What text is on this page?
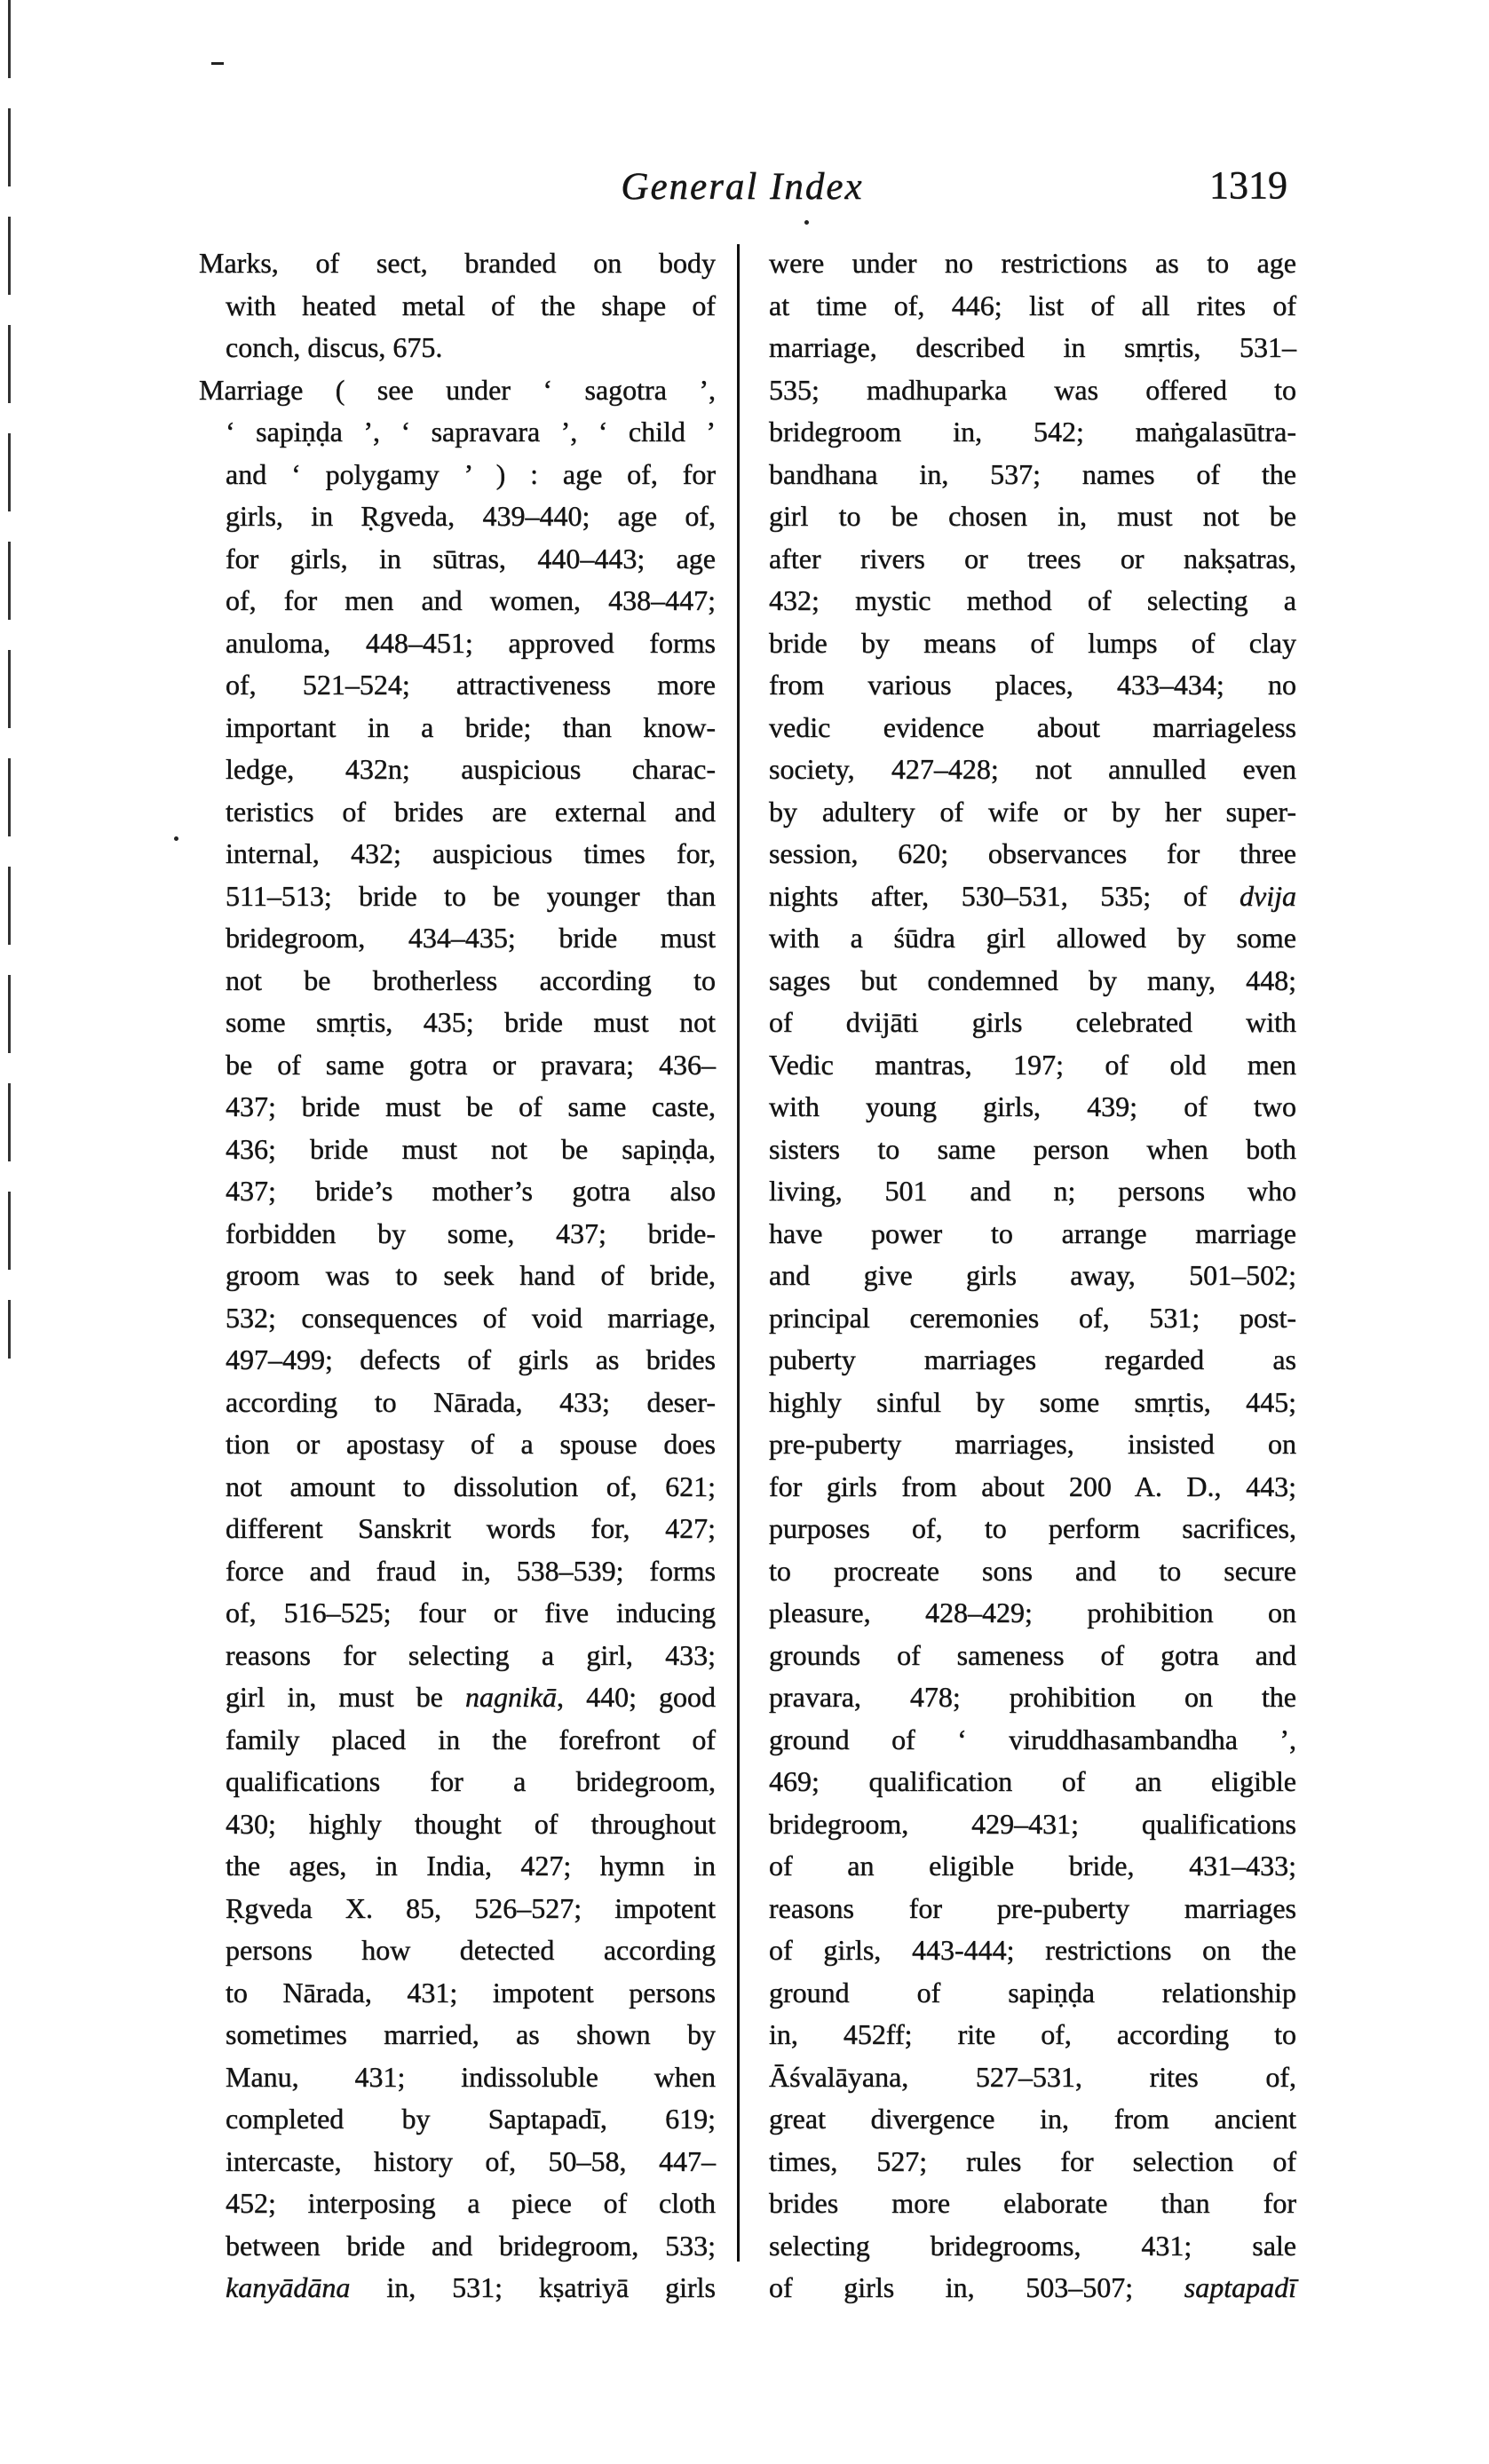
General Index	1319
Marks, of sect, branded on body
with heated metal of the shape of
conch, discus, 675.
Marriage ( see under ‘ sagotra ’,
‘ sapiṇḍa ’, ‘ sapravara ’, ‘ child ’
and ‘ polygamy ’ ) : age of, for
girls, in Ṛgveda, 439–440; age of,
for girls, in sūtras, 440–443; age
of, for men and women, 438–447;
anuloma, 448–451; approved forms
of, 521–524; attractiveness more
important in a bride; than know-
ledge, 432n; auspicious charac-
teristics of brides are external and
internal, 432; auspicious times for,
511–513; bride to be younger than
bridegroom, 434–435; bride must
not be brotherless according to
some smṛtis, 435; bride must not
be of same gotra or pravara; 436–
437; bride must be of same caste,
436; bride must not be sapiṇḍa,
437; bride’s mother’s gotra also
forbidden by some, 437; bride-
groom was to seek hand of bride,
532; consequences of void marriage,
497–499; defects of girls as brides
according to Nārada, 433; deser-
tion or apostasy of a spouse does
not amount to dissolution of, 621;
different Sanskrit words for, 427;
force and fraud in, 538–539; forms
of, 516–525; four or five inducing
reasons for selecting a girl, 433;
girl in, must be nagnikā, 440; good
family placed in the forefront of
qualifications for a bridegroom,
430; highly thought of throughout
the ages, in India, 427; hymn in
Ṛgveda X. 85, 526–527; impotent
persons how detected according
to Nārada, 431; impotent persons
sometimes married, as shown by
Manu, 431; indissoluble when
completed by Saptapadī, 619;
intercaste, history of, 50–58, 447–
452; interposing a piece of cloth
between bride and bridegroom, 533;
kanyādāna in, 531; kṣatriyā girls
were under no restrictions as to age
at time of, 446; list of all rites of
marriage, described in smṛtis, 531–
535; madhuparka was offered to
bridegroom in, 542; maṅgalasūtra-
bandhana in, 537; names of the
girl to be chosen in, must not be
after rivers or trees or nakṣatras,
432; mystic method of selecting a
bride by means of lumps of clay
from various places, 433–434; no
vedic evidence about marriageless
society, 427–428; not annulled even
by adultery of wife or by her super-
session, 620; observances for three
nights after, 530–531, 535; of dvija
with a śūdra girl allowed by some
sages but condemned by many, 448;
of dvijāti girls celebrated with
Vedic mantras, 197; of old men
with young girls, 439; of two
sisters to same person when both
living, 501 and n; persons who
have power to arrange marriage
and give girls away, 501–502;
principal ceremonies of, 531; post-
puberty marriages regarded as
highly sinful by some smṛtis, 445;
pre-puberty marriages, insisted on
for girls from about 200 A. D., 443;
purposes of, to perform sacrifices,
to procreate sons and to secure
pleasure, 428–429; prohibition on
grounds of sameness of gotra and
pravara, 478; prohibition on the
ground of ‘ viruddhasambandha ’,
469; qualification of an eligible
bridegroom, 429–431; qualifications
of an eligible bride, 431–433;
reasons for pre-puberty marriages
of girls, 443-444; restrictions on the
ground of sapiṇḍa relationship
in, 452ff; rite of, according to
Āśvalāyana, 527–531, rites of,
great divergence in, from ancient
times, 527; rules for selection of
brides more elaborate than for
selecting bridegrooms, 431; sale
of girls in, 503–507; saptapadī
